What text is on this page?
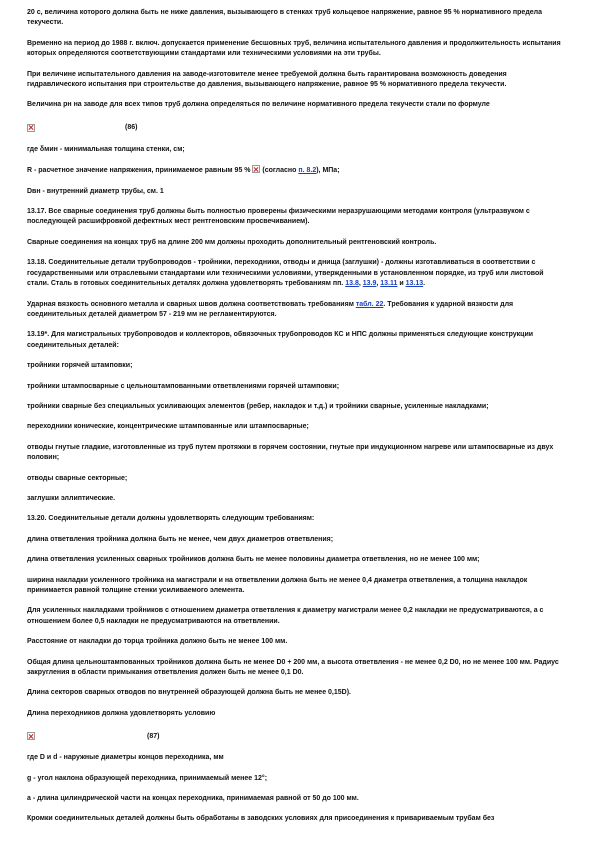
20 с, величина которого должна быть не ниже давления, вызывающего в стенках труб кольцевое напряжение, равное 95 % нормативного предела текучести.

Временно на период до 1988 г. включ. допускается применение бесшовных труб, величина испытательного давления и продолжительность испытания которых определяются соответствующими стандартами или техническими условиями на эти трубы.

При величине испытательного давления на заводе-изготовителе менее требуемой должна быть гарантирована возможность доведения гидравлического испытания при строительстве до давления, вызывающего напряжение, равное 95 % нормативного предела текучести.

Величина рн на заводе для всех типов труб должна определяться по величине нормативного предела текучести стали по формуле

(86)

где δмин - минимальная толщина стенки, см;

R - расчетное значение напряжения, принимаемое равным 95 % (согласно п. 8.2), МПа;

Dвн - внутренний диаметр трубы, см. 1

13.17. Все сварные соединения труб должны быть полностью проверены физическими неразрушающими методами контроля (ультразвуком с последующей расшифровкой дефектных мест рентгеновским просвечиванием).

Сварные соединения на концах труб на длине 200 мм должны проходить дополнительный рентгеновский контроль.

13.18. Соединительные детали трубопроводов - тройники, переходники, отводы и днища (заглушки) - должны изготавливаться в соответствии с государственными или отраслевыми стандартами или техническими условиями, утвержденными в установленном порядке, из труб или листовой стали. Сталь в готовых соединительных деталях должна удовлетворять требованиям пп. 13.8, 13.9, 13.11 и 13.13.

Ударная вязкость основного металла и сварных швов должна соответствовать требованиям табл. 22. Требования к ударной вязкости для соединительных деталей диаметром 57 - 219 мм не регламентируются.

13.19*. Для магистральных трубопроводов и коллекторов, обвязочных трубопроводов КС и НПС должны применяться следующие конструкции соединительных деталей:

тройники горячей штамповки;

тройники штампосварные с цельноштампованными ответвлениями горячей штамповки;

тройники сварные без специальных усиливающих элементов (ребер, накладок и т.д.) и тройники сварные, усиленные накладками;

переходники конические, концентрические штампованные или штампосварные;

отводы гнутые гладкие, изготовленные из труб путем протяжки в горячем состоянии, гнутые при индукционном нагреве или штампосварные из двух половин;

отводы сварные секторные;

заглушки эллиптические.

13.20. Соединительные детали должны удовлетворять следующим требованиям:

длина ответвления тройника должна быть не менее, чем двух диаметров ответвления;

длина ответвления усиленных сварных тройников должна быть не менее половины диаметра ответвления, но не менее 100 мм;

ширина накладки усиленного тройника на магистрали и на ответвлении должна быть не менее 0,4 диаметра ответвления, а толщина накладок принимается равной толщине стенки усиливаемого элемента.

Для усиленных накладками тройников с отношением диаметра ответвления к диаметру магистрали менее 0,2 накладки не предусматриваются, а с отношением более 0,5 накладки не предусматриваются на ответвлении.

Расстояние от накладки до торца тройника должно быть не менее 100 мм.

Общая длина цельноштампованных тройников должна быть не менее D0 + 200 мм, а высота ответвления - не менее 0,2 D0, но не менее 100 мм. Радиус закругления в области примыкания ответвления должен быть не менее 0,1 D0.

Длина секторов сварных отводов по внутренней образующей должна быть не менее 0,15D).

Длина переходников должна удовлетворять условию

(87)

где D и d - наружные диаметры концов переходника, мм

g - угол наклона образующей переходника, принимаемый менее 12°;

a - длина цилиндрической части на концах переходника, принимаемая равной от 50 до 100 мм.

Кромки соединительных деталей должны быть обработаны в заводских условиях для присоединения к привариваемым трубам без
